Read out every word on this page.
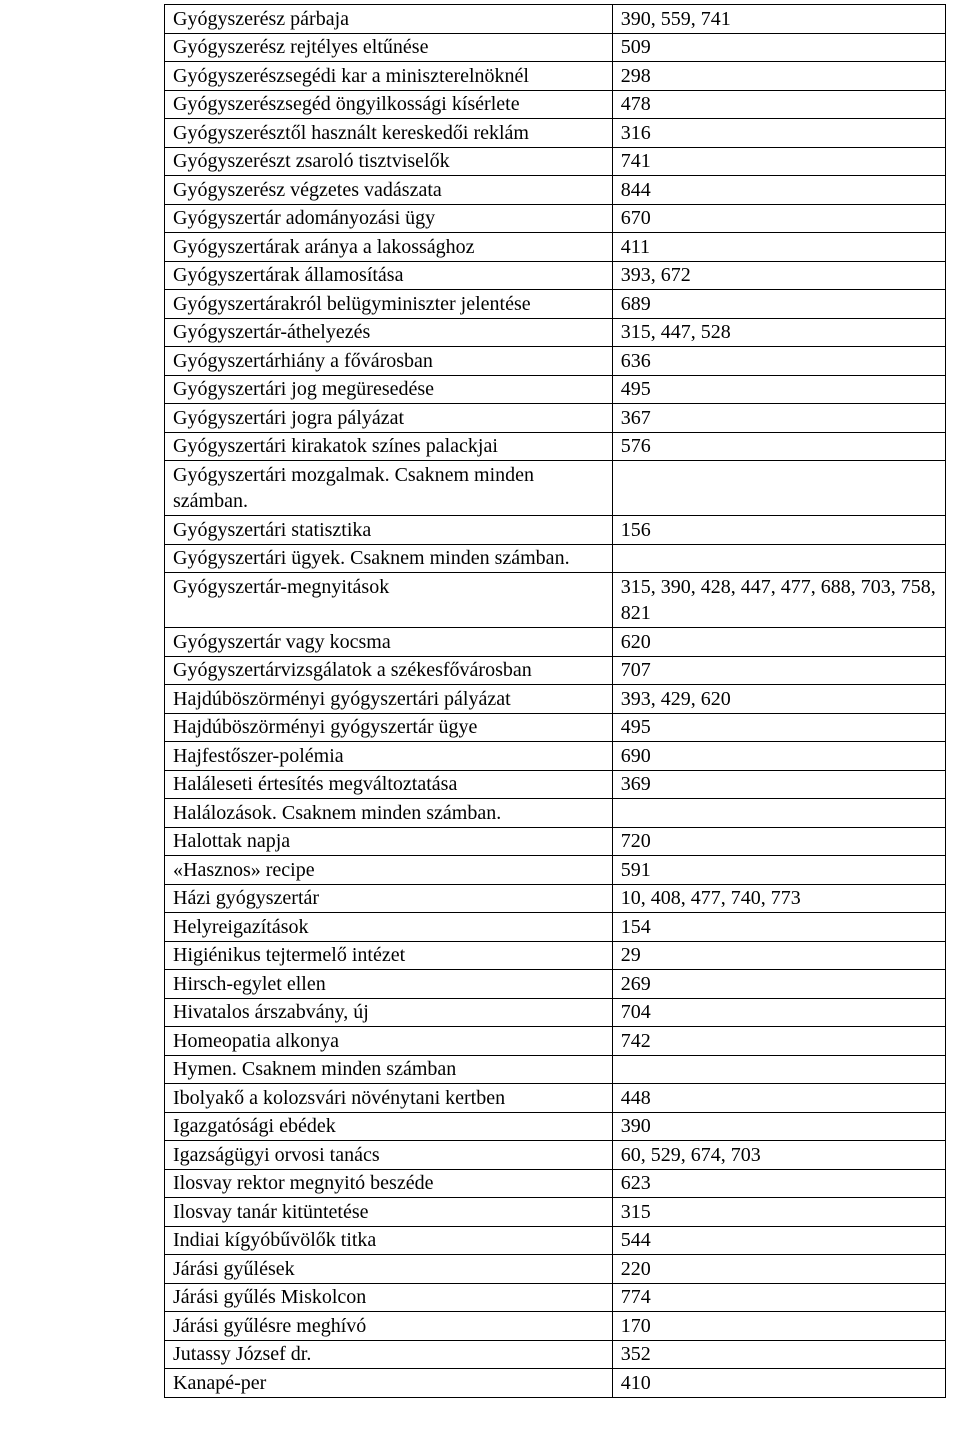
Gyógyszerész párbaja	390, 559, 741
Gyógyszerész rejtélyes eltűnése	509
Gyógyszerészsegédi kar a miniszterelnöknél	298
Gyógyszerészsegéd öngyilkossági kísérlete	478
Gyógyszerésztől használt kereskedői reklám	316
Gyógyszerészt zsaroló tisztviselők	741
Gyógyszerész végzetes vadászata	844
Gyógyszertár adományozási ügy	670
Gyógyszertárak aránya a lakossághoz	411
Gyógyszertárak államosítása	393, 672
Gyógyszertárakról belügyminiszter jelentése	689
Gyógyszertár-áthelyezés	315, 447, 528
Gyógyszertárhiány a fővárosban	636
Gyógyszertári jog megüresedése	495
Gyógyszertári jogra pályázat	367
Gyógyszertári kirakatok színes palackjai	576
Gyógyszertári mozgalmak. Csaknem minden számban.	
Gyógyszertári statisztika	156
Gyógyszertári ügyek. Csaknem minden számban.	
Gyógyszertár-megnyitások	315, 390, 428, 447, 477, 688, 703, 758, 821
Gyógyszertár vagy kocsma	620
Gyógyszertárvizsgálatok a székesfővárosban	707
Hajdúböszörményi gyógyszertári pályázat	393, 429, 620
Hajdúböszörményi gyógyszertár ügye	495
Hajfestőszer-polémia	690
Haláleseti értesítés megváltoztatása	369
Halálozások. Csaknem minden számban.	
Halottak napja	720
«Hasznos» recipe	591
Házi gyógyszertár	10, 408, 477, 740, 773
Helyreigazítások	154
Higiénikus tejtermelő intézet	29
Hirsch-egylet ellen	269
Hivatalos árszabvány, új	704
Homeopatia alkonya	742
Hymen. Csaknem minden számban	
Ibolyakő a kolozsvári növénytani kertben	448
Igazgatósági ebédek	390
Igazságügyi orvosi tanács	60, 529, 674, 703
Ilosvay rektor megnyitó beszéde	623
Ilosvay tanár kitüntetése	315
Indiai kígyóbűvölők titka	544
Járási gyűlések	220
Járási gyűlés Miskolcon	774
Járási gyűlésre meghívó	170
Jutassy József dr.	352
Kanapé-per	410
